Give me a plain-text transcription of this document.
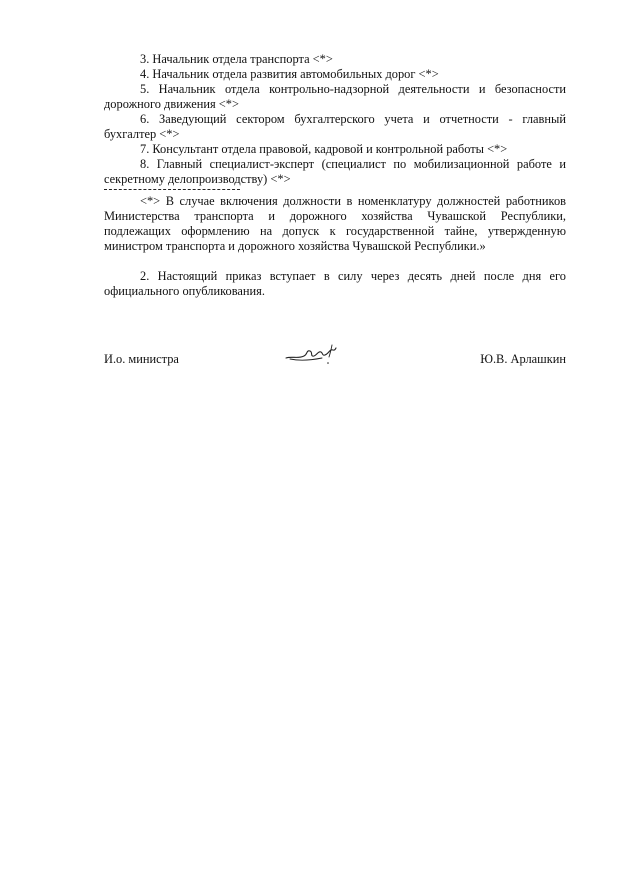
3. Начальник отдела транспорта <*>

4. Начальник отдела развития автомобильных дорог <*>

5. Начальник отдела контрольно-надзорной деятельности и безопасности дорожного движения <*>

6. Заведующий сектором бухгалтерского учета и отчетности - главный бухгалтер <*>

7. Консультант отдела правовой, кадровой и контрольной работы <*>

8. Главный специалист-эксперт (специалист по мобилизационной работе и секретному делопроизводству) <*>

<*> В случае включения должности в номенклатуру должностей работников Министерства транспорта и дорожного хозяйства Чувашской Республики, подлежащих оформлению на допуск к государственной тайне, утвержденную министром транспорта и дорожного хозяйства Чувашской Республики.»

2. Настоящий приказ вступает в силу через десять дней после дня его официального опубликования.

И.о. министра	Ю.В. Арлашкин
